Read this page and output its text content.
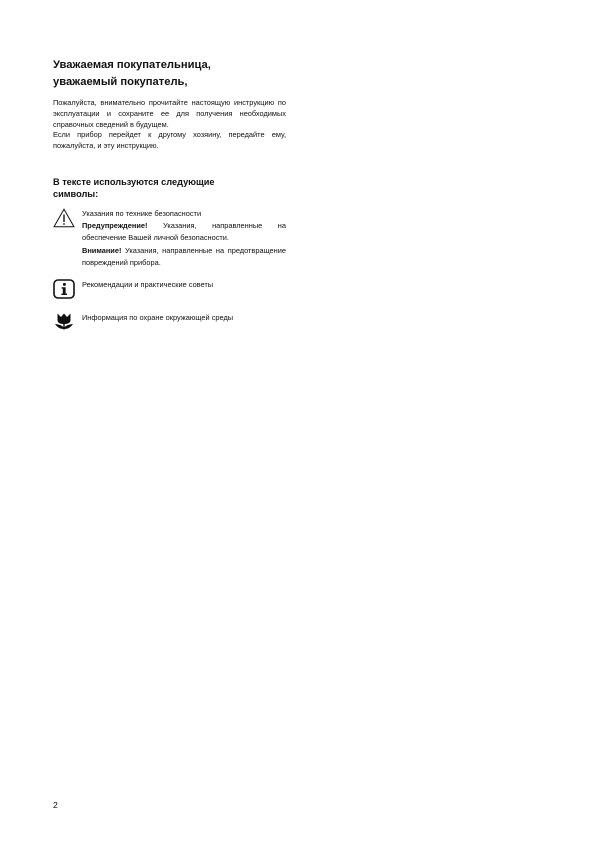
Уважаемая покупательница,
уважаемый покупатель,

Пожалуйста, внимательно прочитайте настоящую инструкцию по эксплуатации и сохраните ее для получения необходимых справочных сведений в будущем.

Если прибор перейдет к другому хозяину, передайте ему, пожалуйста, и эту инструкцию.

В тексте используются следующие
символы:

Указания по технике безопасности

Предупреждение! Указания, направленные на обеспечение Вашей личной безопасности.

Внимание! Указания, направленные на предотвращение повреждений прибора.

Рекомендации и практические советы

Информация по охране окружающей среды

2
